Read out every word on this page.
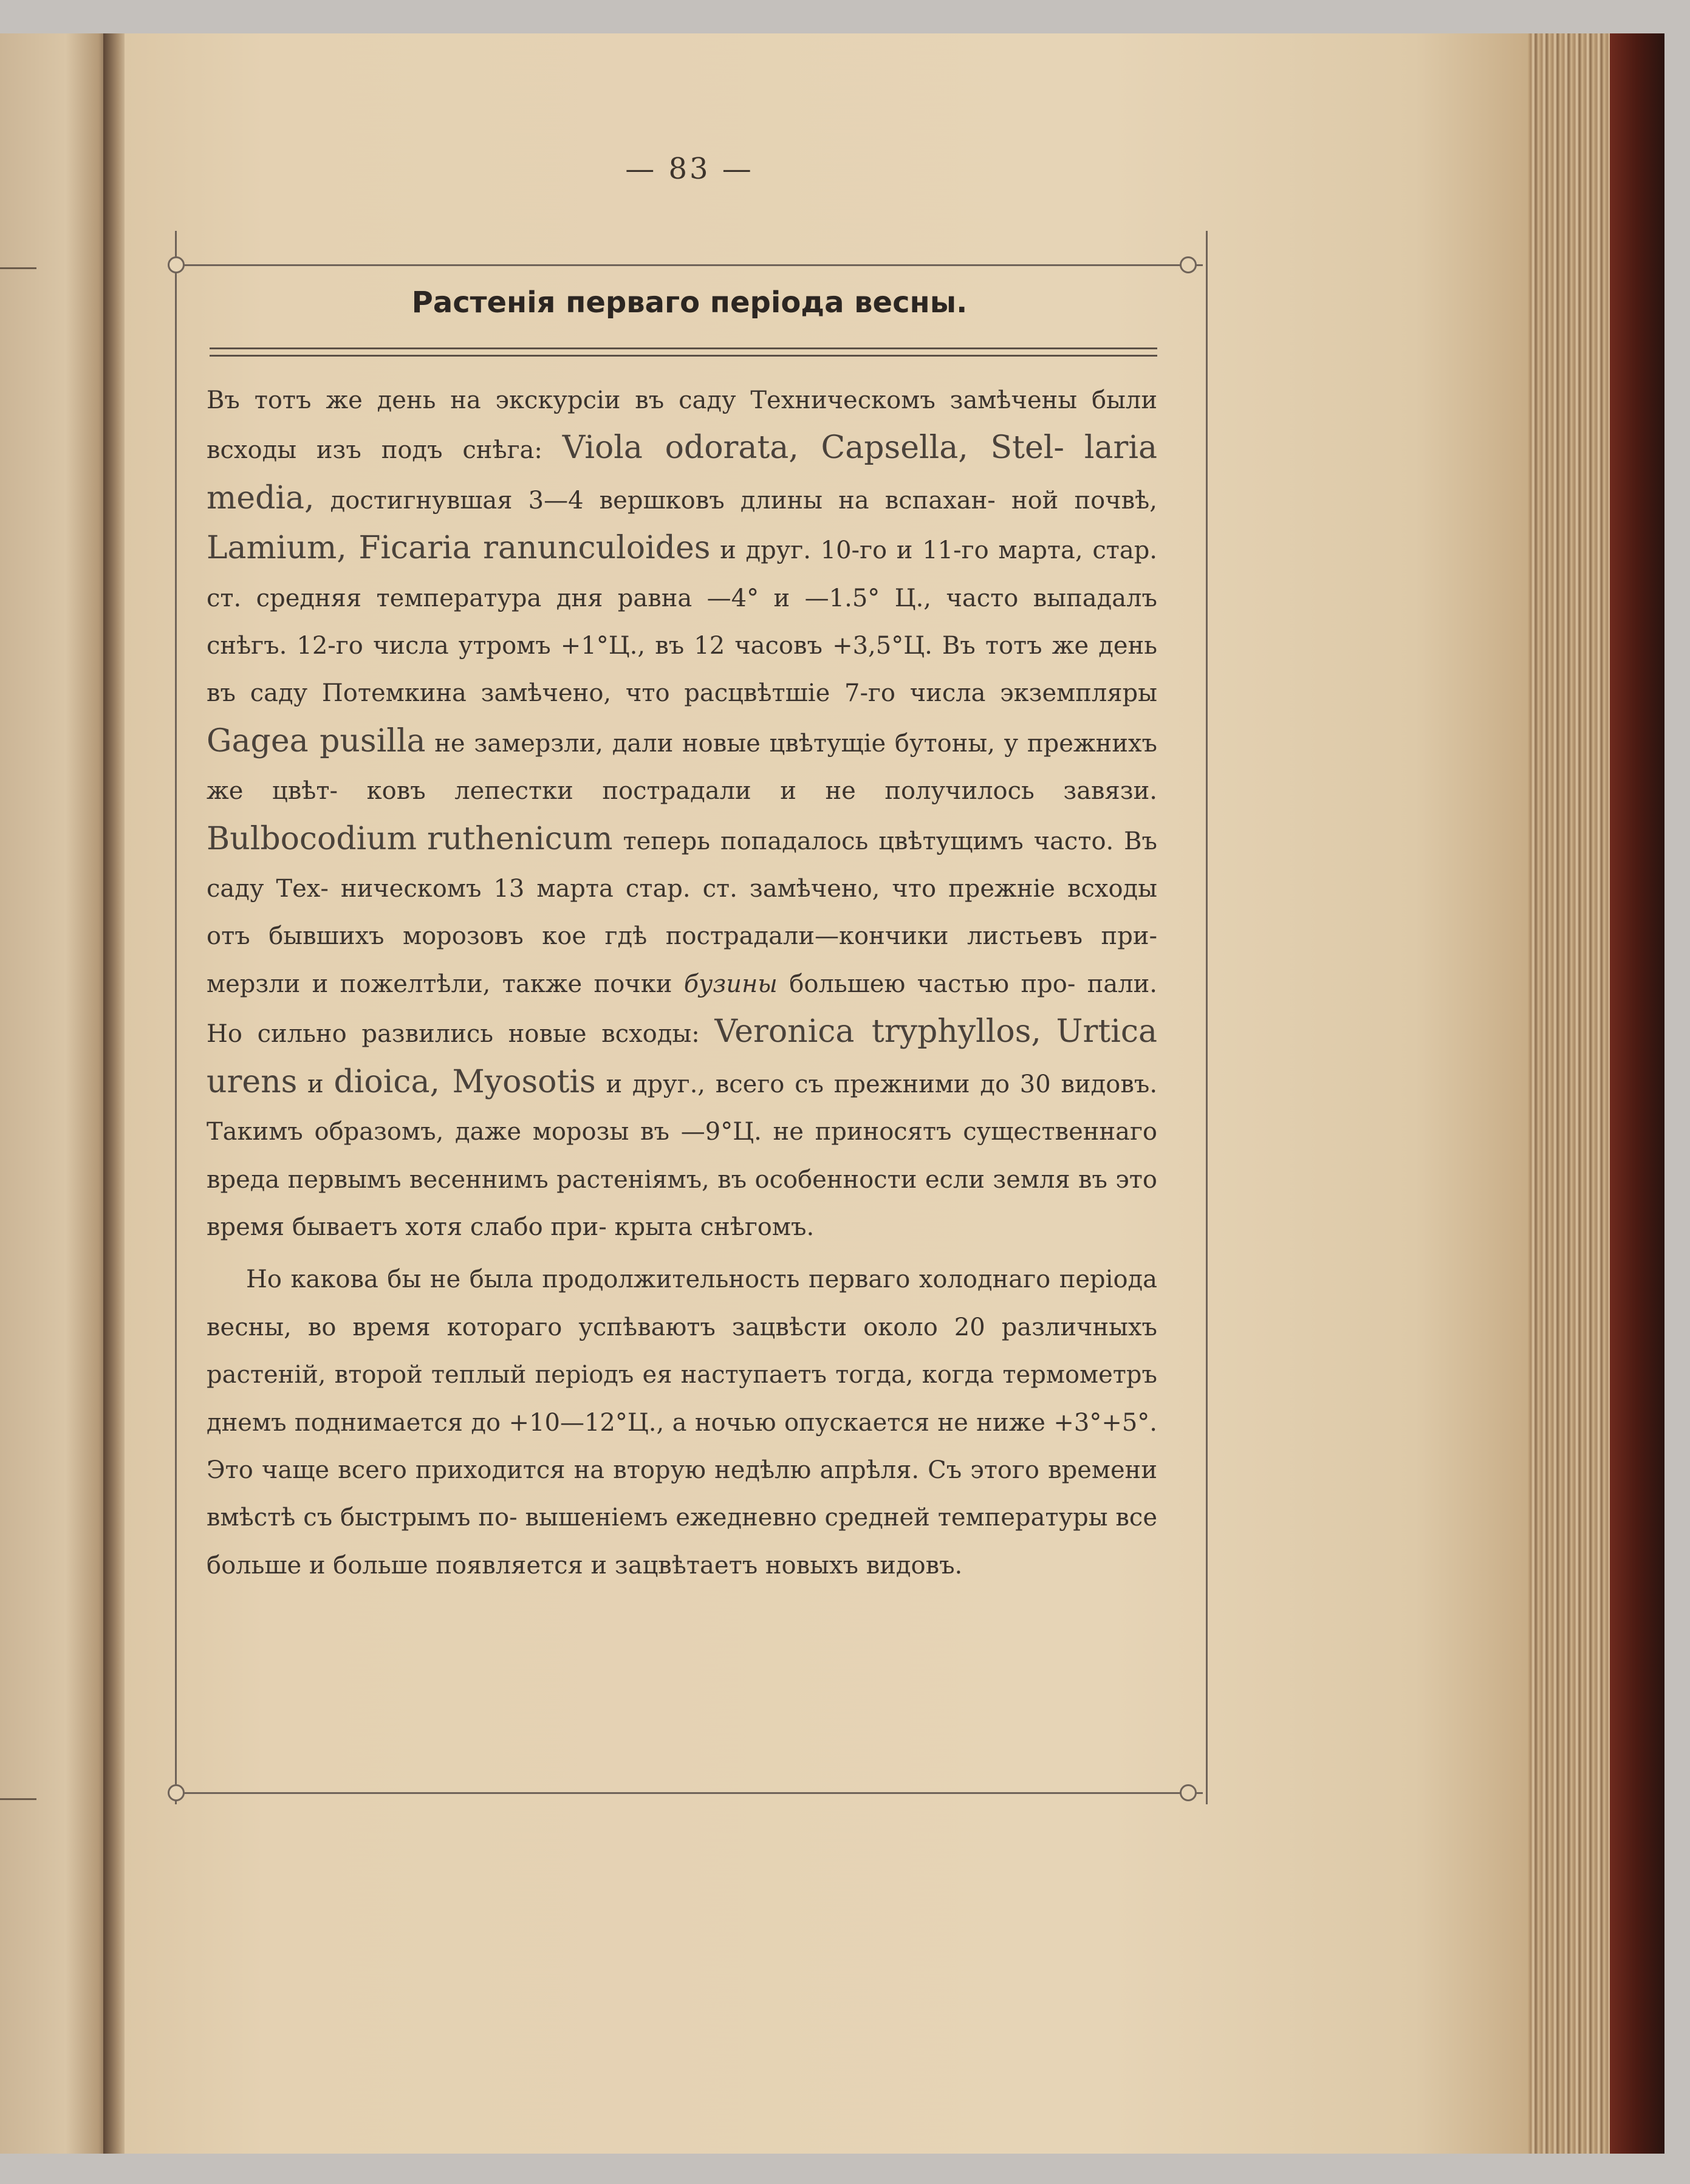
— 83 —
Растенія перваго періода весны.

Въ тотъ же день на экскурсіи въ саду Техническомъ замѣчены были всходы изъ подъ снѣга: Viola odorata, Capsella, Stel- laria media, достигнувшая 3—4 вершковъ длины на вспахан- ной почвѣ, Lamium, Ficaria ranunculoides и друг. 10-го и 11-го марта, стар. ст. средняя температура дня равна —4° и —1.5° Ц., часто выпадалъ снѣгъ. 12-го числа утромъ +1°Ц., въ 12 часовъ +3,5°Ц. Въ тотъ же день въ саду Потемкина замѣчено, что расцвѣтшіе 7-го числа экземпляры Gagea pusilla не замерзли, дали новые цвѣтущіе бутоны, у прежнихъ же цвѣт- ковъ лепестки пострадали и не получилось завязи. Bulbocodium ruthenicum теперь попадалось цвѣтущимъ часто. Въ саду Тех- ническомъ 13 марта стар. ст. замѣчено, что прежніе всходы отъ бывшихъ морозовъ кое гдѣ пострадали—кончики листьевъ при- мерзли и пожелтѣли, также почки бузины большею частью про- пали. Но сильно развились новые всходы: Veronica tryphyllos, Urtica urens и dioica, Myosotis и друг., всего съ прежними до 30 видовъ. Такимъ образомъ, даже морозы въ —9°Ц. не приносятъ существеннаго вреда первымъ весеннимъ растеніямъ, въ особенности если земля въ это время бываетъ хотя слабо при- крыта снѣгомъ.

Но какова бы не была продолжительность перваго холоднаго періода весны, во время котораго успѣваютъ зацвѣсти около 20 различныхъ растеній, второй теплый періодъ ея наступаетъ тогда, когда термометръ днемъ поднимается до +10—12°Ц., а ночью опускается не ниже +3°+5°. Это чаще всего приходится на вторую недѣлю апрѣля. Съ этого времени вмѣстѣ съ быстрымъ по- вышеніемъ ежедневно средней температуры все больше и больше появляется и зацвѣтаетъ новыхъ видовъ.
